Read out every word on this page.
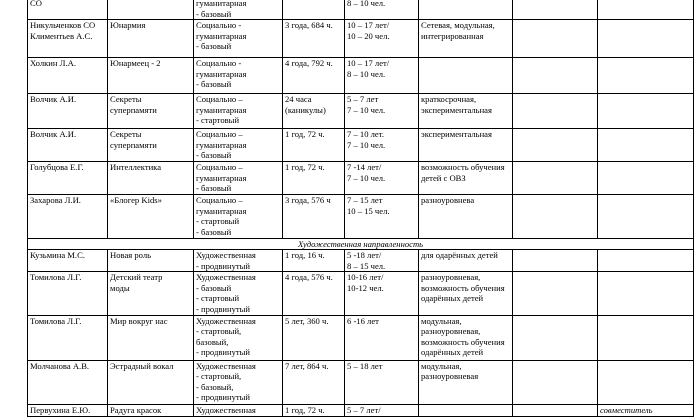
СО		гуманитарная
- базовый		8 – 10 чел.			
Никульченков СО
Климентьев А.С.	Юнармия	Социально -
гуманитарная
- базовый	3 года, 684 ч.	10 – 17 лет/
10 – 20 чел.	Сетевая, модульная,
интегрированная		
Холкин Л.А.	Юнармеец - 2	Социально -
гуманитарная
- базовый	4 года, 792 ч.	10 – 17 лет/
8 – 10 чел.			
Волчик А.И.	Секреты
суперпамяти	Социально –
гуманитарная
- стартовый	24 часа
(каникулы)	5 – 7 лет
7 – 10 чел.	краткосрочная,
экспериментальная		
Волчик А.И.	Секреты
суперпамяти	Социально –
гуманитарная
- базовый	1 год, 72 ч.	7 – 10 лет.
7 – 10 чел.	экспериментальная		
Голубцова Е.Г.	Интеллектика	Социально –
гуманитарная
- базовый	1 год, 72 ч.	7 -14 лет/
7 – 10 чел.	возможность обучения
детей с ОВЗ		
Захарова Л.И.	«Блогер Kids»	Социально –
гуманитарная
- стартовый
- базовый	3 года, 576 ч	7 – 15 лет
10 – 15 чел.	разноуровнева		
Художественная направленность							
Кузьмина М.С.	Новая роль	Художественная
- продвинутый	1 год, 16 ч.	5 -18 лет/
8 – 15 чел.	для одарённых детей		
Томилова Л.Г.	Детский театр
моды	Художественная
- базовый
- стартовый
- продвинутый	4 года, 576 ч.	10-16 лет/
10-12 чел.	разноуровневая,
возможность обучения
одарённых детей		
Томилова Л.Г.	Мир вокруг нас	Художественная
- стартовый,
базовый,
- продвинутый	5 лет, 360 ч.	6 -16 лет	модульная,
разноуровневая,
возможность обучения
одарённых детей		
Молчанова А.В.	Эстрадный вокал	Художественная
- стартовый,
- базовый,
- продвинутый	7 лет, 864 ч.	5 – 18 лет	модульная,
разноуровневая		
Первухина Е.Ю.	Радуга красок	Художественная	1 год, 72 ч.	5 – 7 лет/			совместитель
